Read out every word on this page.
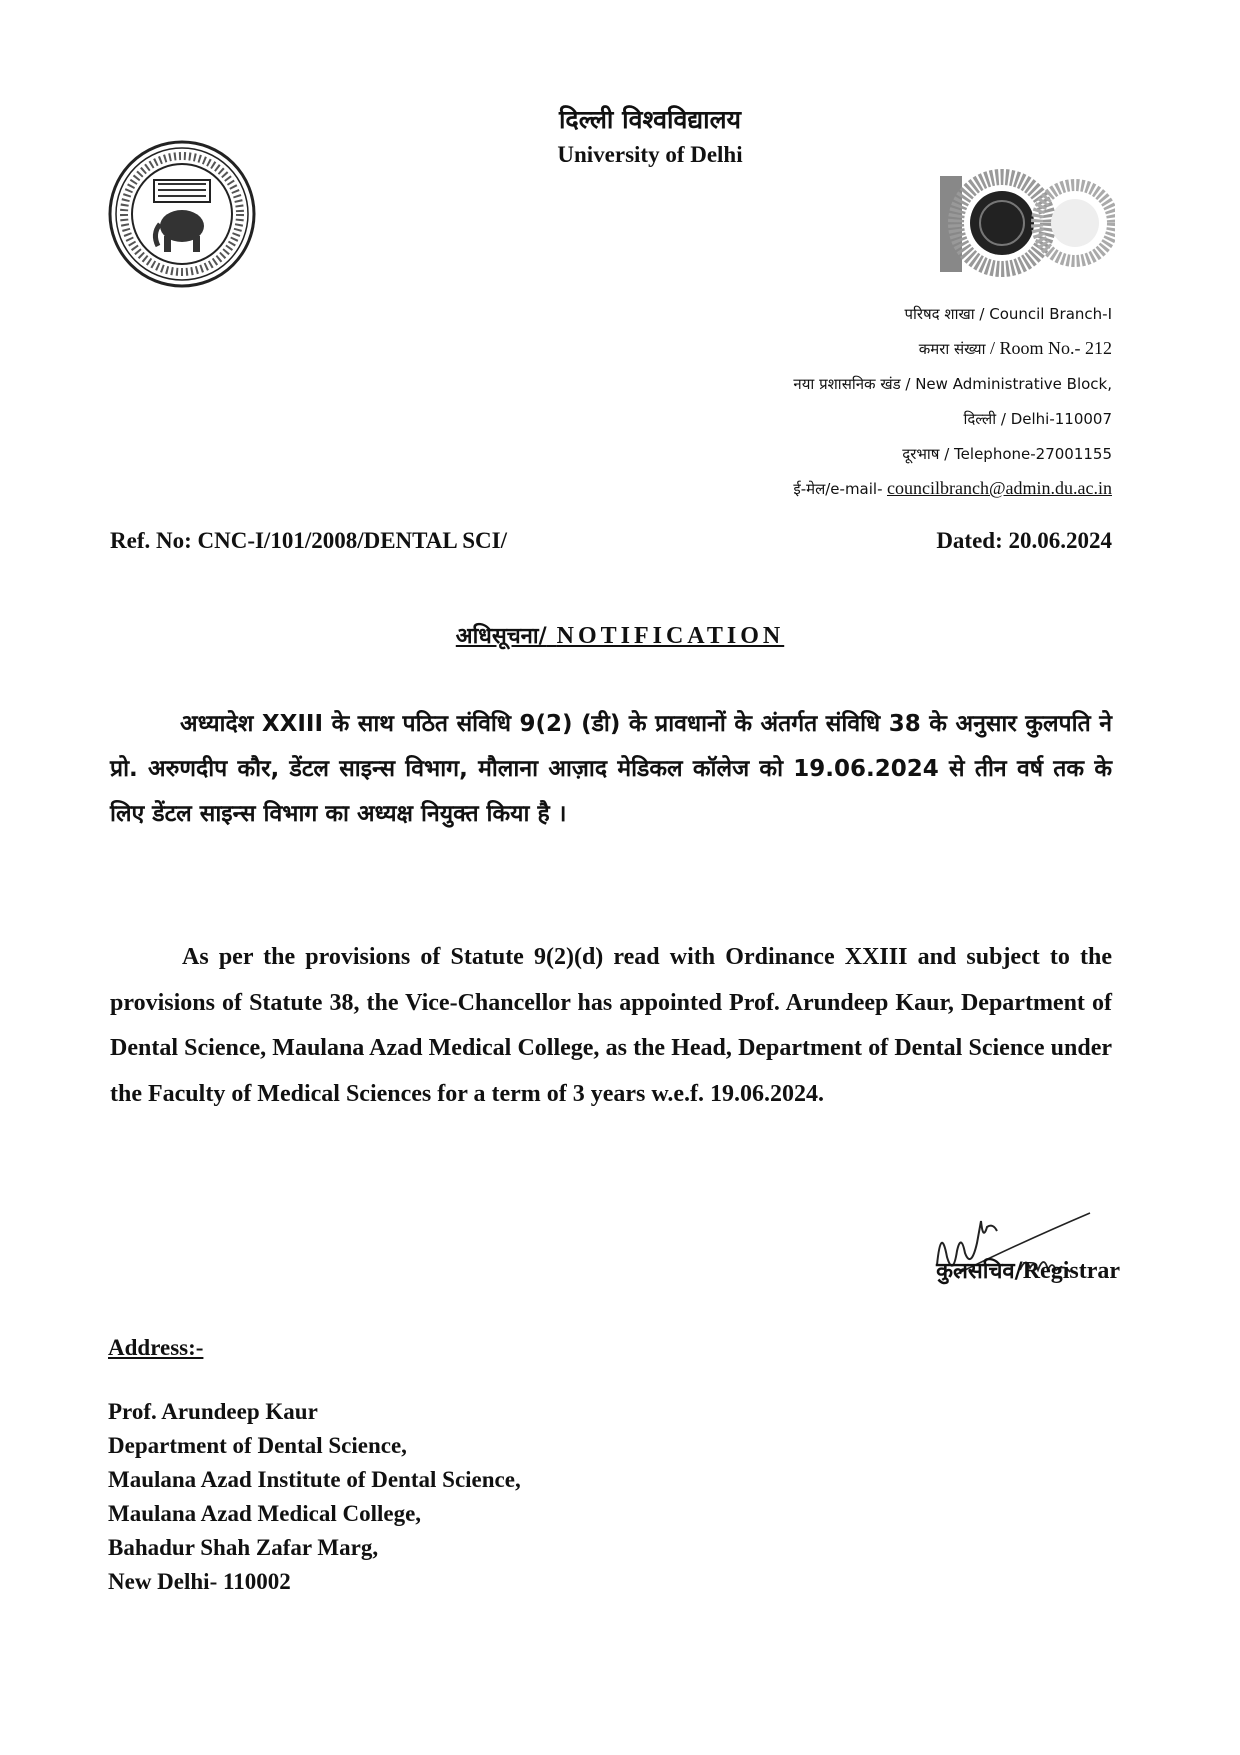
दिल्ली विश्वविद्यालय
University of Delhi
परिषद शाखा / Council Branch-I
कमरा संख्या / Room No.- 212
नया प्रशासनिक खंड / New Administrative Block,
दिल्ली / Delhi-110007
दूरभाष / Telephone-27001155
ई-मेल/e-mail- councilbranch@admin.du.ac.in
Ref. No: CNC-I/101/2008/DENTAL SCI/	Dated: 20.06.2024
अधिसूचना/ NOTIFICATION
अध्यादेश XXIII के साथ पठित संविधि 9(2) (डी) के प्रावधानों के अंतर्गत संविधि 38 के अनुसार कुलपति ने प्रो. अरुणदीप कौर, डेंटल साइन्स विभाग, मौलाना आज़ाद मेडिकल कॉलेज को 19.06.2024 से तीन वर्ष तक के लिए डेंटल साइन्स विभाग का अध्यक्ष नियुक्त किया है ।
As per the provisions of Statute 9(2)(d) read with Ordinance XXIII and subject to the provisions of Statute 38, the Vice-Chancellor has appointed Prof. Arundeep Kaur, Department of Dental Science, Maulana Azad Medical College, as the Head, Department of Dental Science under the Faculty of Medical Sciences for a term of 3 years w.e.f. 19.06.2024.
कुलसचिव/Registrar
Address:-
Prof. Arundeep Kaur
Department of Dental Science,
Maulana Azad Institute of Dental Science,
Maulana Azad Medical College,
Bahadur Shah Zafar Marg,
New Delhi- 110002
